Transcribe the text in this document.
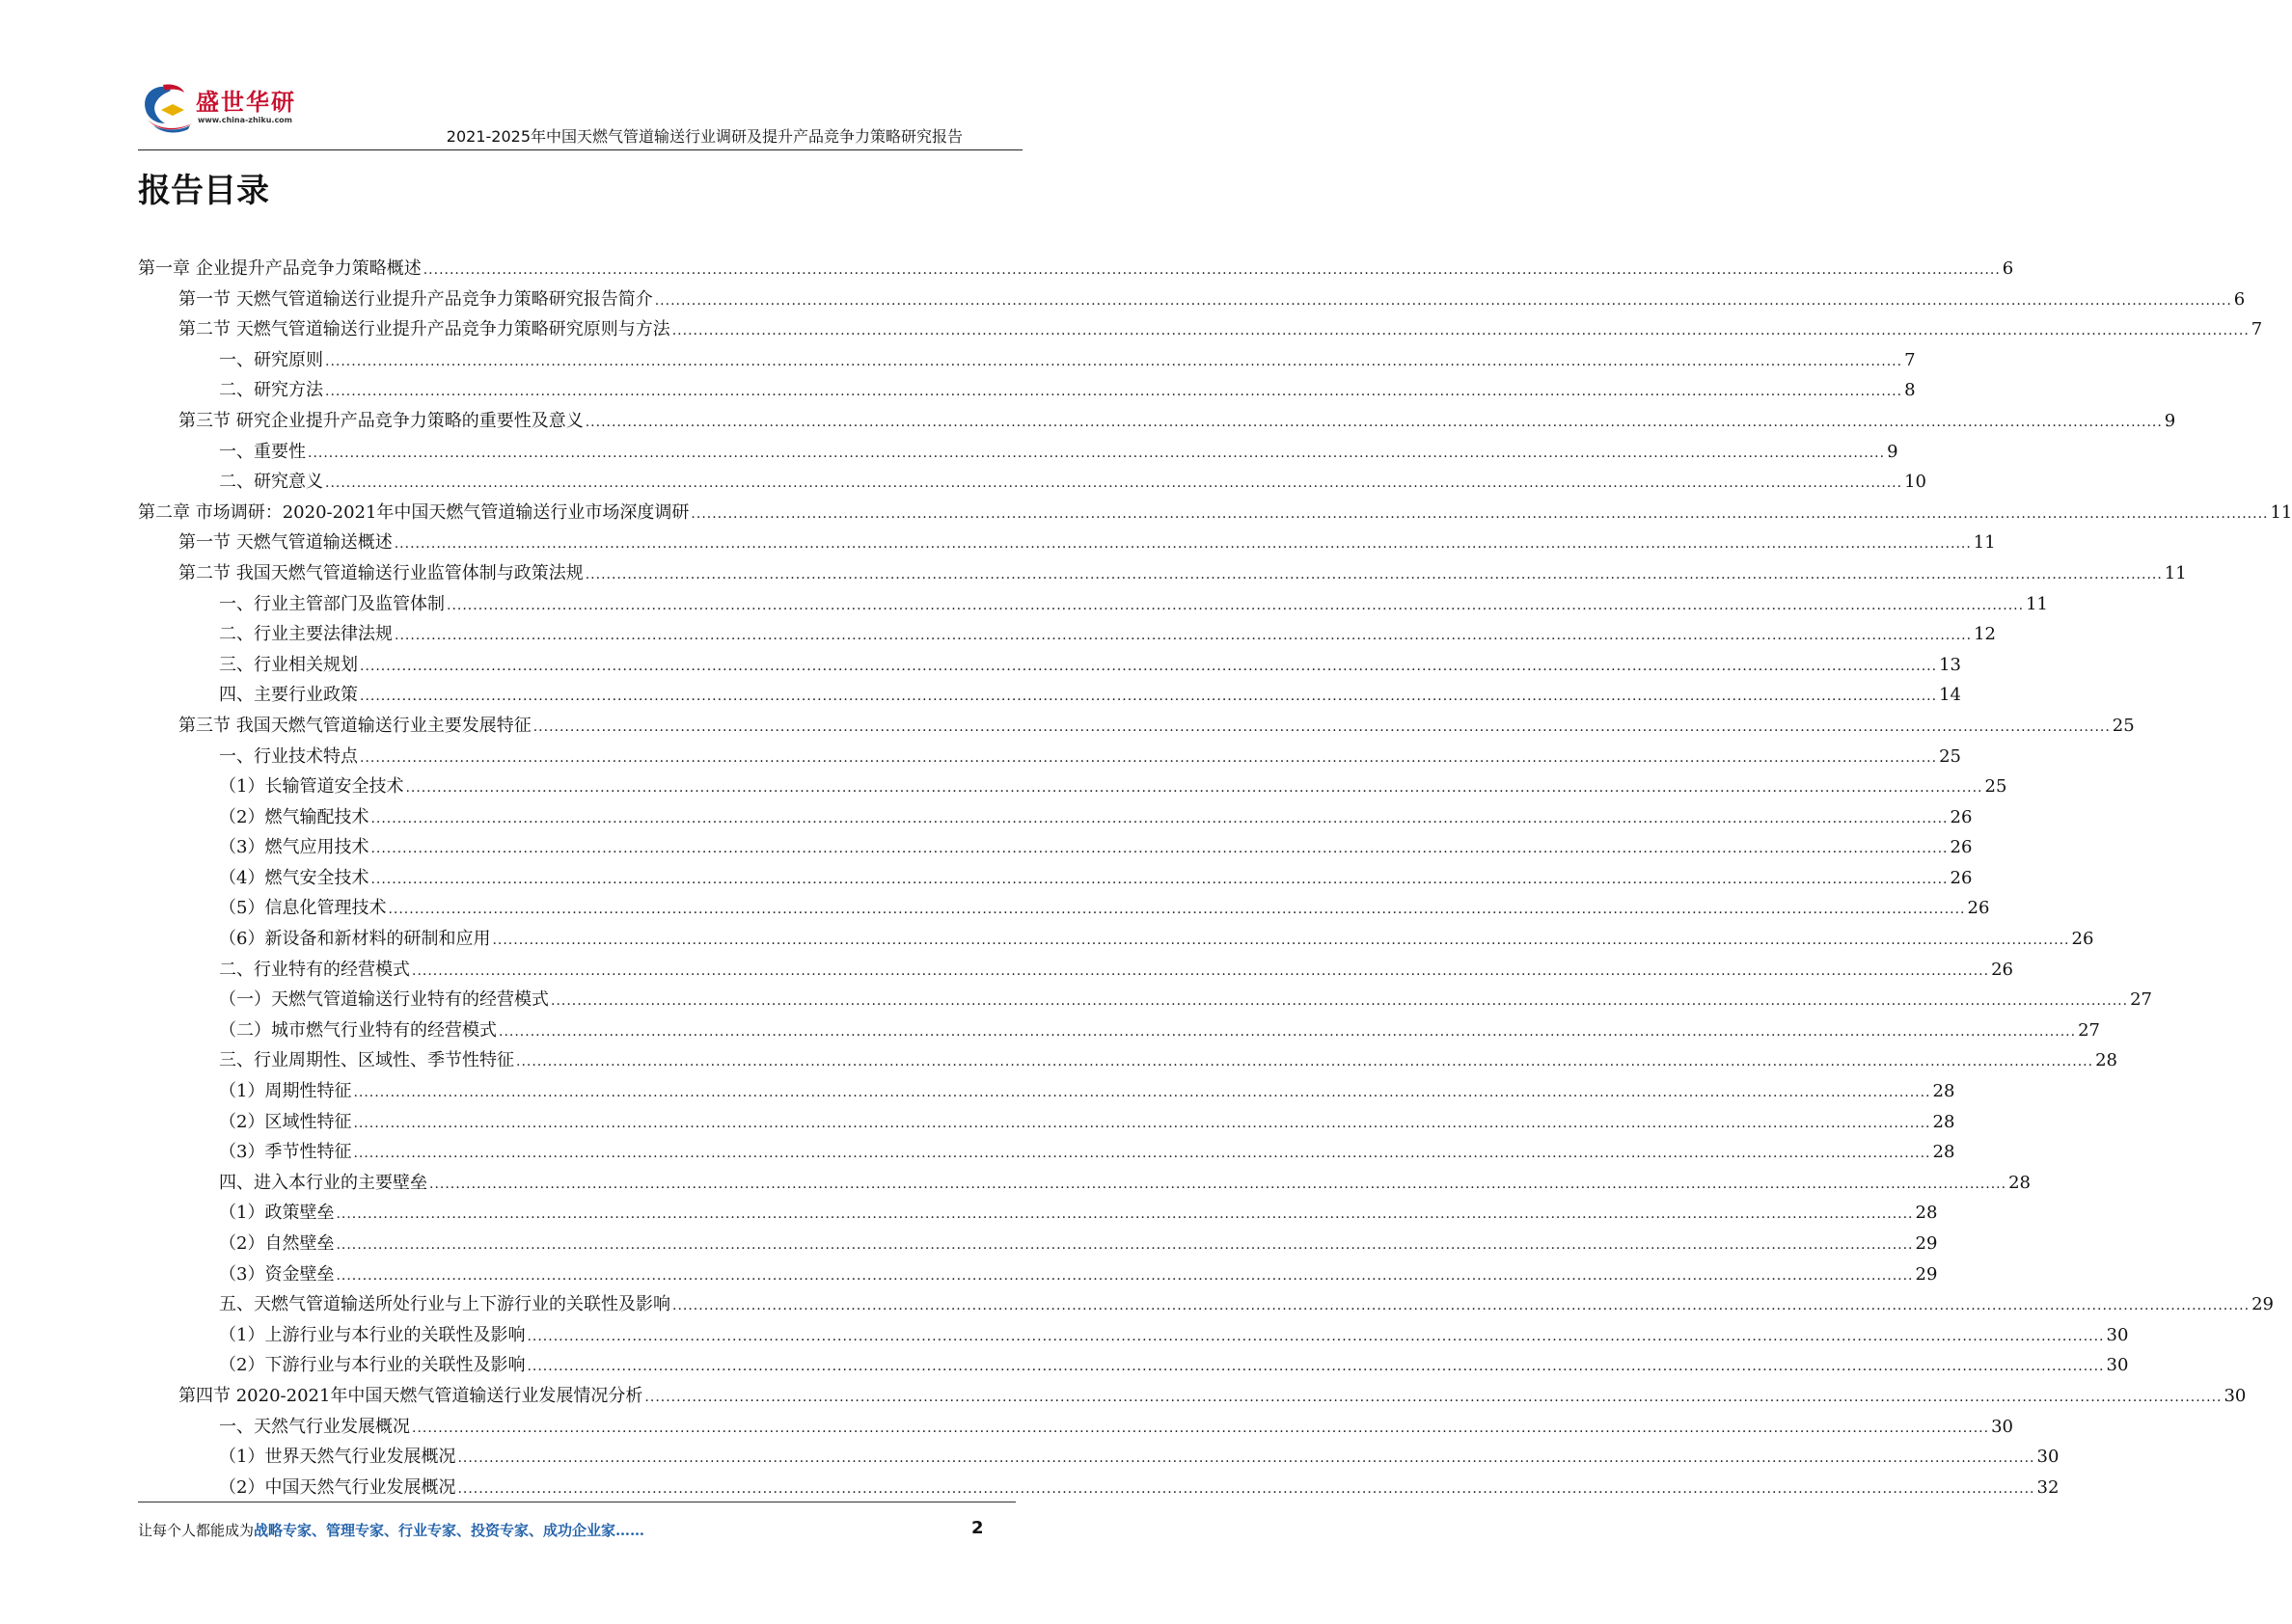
盛世华研
www.china-zhiku.com
2021-2025年中国天燃气管道输送行业调研及提升产品竞争力策略研究报告
报告目录
第一章 企业提升产品竞争力策略概述 ............................................................................................................................................................................................................................................................................................................ 6
第一节 天燃气管道输送行业提升产品竞争力策略研究报告简介 ............................................................................................................................................................................................................................................................................................................ 6
第二节 天燃气管道输送行业提升产品竞争力策略研究原则与方法 ............................................................................................................................................................................................................................................................................................................ 7
一、研究原则 ............................................................................................................................................................................................................................................................................................................ 7
二、研究方法 ............................................................................................................................................................................................................................................................................................................ 8
第三节 研究企业提升产品竞争力策略的重要性及意义 ............................................................................................................................................................................................................................................................................................................ 9
一、重要性 ............................................................................................................................................................................................................................................................................................................ 9
二、研究意义 ............................................................................................................................................................................................................................................................................................................ 10
第二章 市场调研：2020-2021年中国天燃气管道输送行业市场深度调研 ............................................................................................................................................................................................................................................................................................................ 11
第一节 天燃气管道输送概述 ............................................................................................................................................................................................................................................................................................................ 11
第二节 我国天燃气管道输送行业监管体制与政策法规 ............................................................................................................................................................................................................................................................................................................ 11
一、行业主管部门及监管体制 ............................................................................................................................................................................................................................................................................................................ 11
二、行业主要法律法规 ............................................................................................................................................................................................................................................................................................................ 12
三、行业相关规划 ............................................................................................................................................................................................................................................................................................................ 13
四、主要行业政策 ............................................................................................................................................................................................................................................................................................................ 14
第三节 我国天燃气管道输送行业主要发展特征 ............................................................................................................................................................................................................................................................................................................ 25
一、行业技术特点 ............................................................................................................................................................................................................................................................................................................ 25
（1）长输管道安全技术 ............................................................................................................................................................................................................................................................................................................ 25
（2）燃气输配技术 ............................................................................................................................................................................................................................................................................................................ 26
（3）燃气应用技术 ............................................................................................................................................................................................................................................................................................................ 26
（4）燃气安全技术 ............................................................................................................................................................................................................................................................................................................ 26
（5）信息化管理技术 ............................................................................................................................................................................................................................................................................................................ 26
（6）新设备和新材料的研制和应用 ............................................................................................................................................................................................................................................................................................................ 26
二、行业特有的经营模式 ............................................................................................................................................................................................................................................................................................................ 26
（一）天燃气管道输送行业特有的经营模式 ............................................................................................................................................................................................................................................................................................................ 27
（二）城市燃气行业特有的经营模式 ............................................................................................................................................................................................................................................................................................................ 27
三、行业周期性、区域性、季节性特征 ............................................................................................................................................................................................................................................................................................................ 28
（1）周期性特征 ............................................................................................................................................................................................................................................................................................................ 28
（2）区域性特征 ............................................................................................................................................................................................................................................................................................................ 28
（3）季节性特征 ............................................................................................................................................................................................................................................................................................................ 28
四、进入本行业的主要壁垒 ............................................................................................................................................................................................................................................................................................................ 28
（1）政策壁垒 ............................................................................................................................................................................................................................................................................................................ 28
（2）自然壁垒 ............................................................................................................................................................................................................................................................................................................ 29
（3）资金壁垒 ............................................................................................................................................................................................................................................................................................................ 29
五、天燃气管道输送所处行业与上下游行业的关联性及影响 ............................................................................................................................................................................................................................................................................................................ 29
（1）上游行业与本行业的关联性及影响 ............................................................................................................................................................................................................................................................................................................ 30
（2）下游行业与本行业的关联性及影响 ............................................................................................................................................................................................................................................................................................................ 30
第四节 2020-2021年中国天燃气管道输送行业发展情况分析 ............................................................................................................................................................................................................................................................................................................ 30
一、天然气行业发展概况 ............................................................................................................................................................................................................................................................................................................ 30
（1）世界天然气行业发展概况 ............................................................................................................................................................................................................................................................................................................ 30
（2）中国天然气行业发展概况 ............................................................................................................................................................................................................................................................................................................ 32
让每个人都能成为战略专家、管理专家、行业专家、投资专家、成功企业家……	2
